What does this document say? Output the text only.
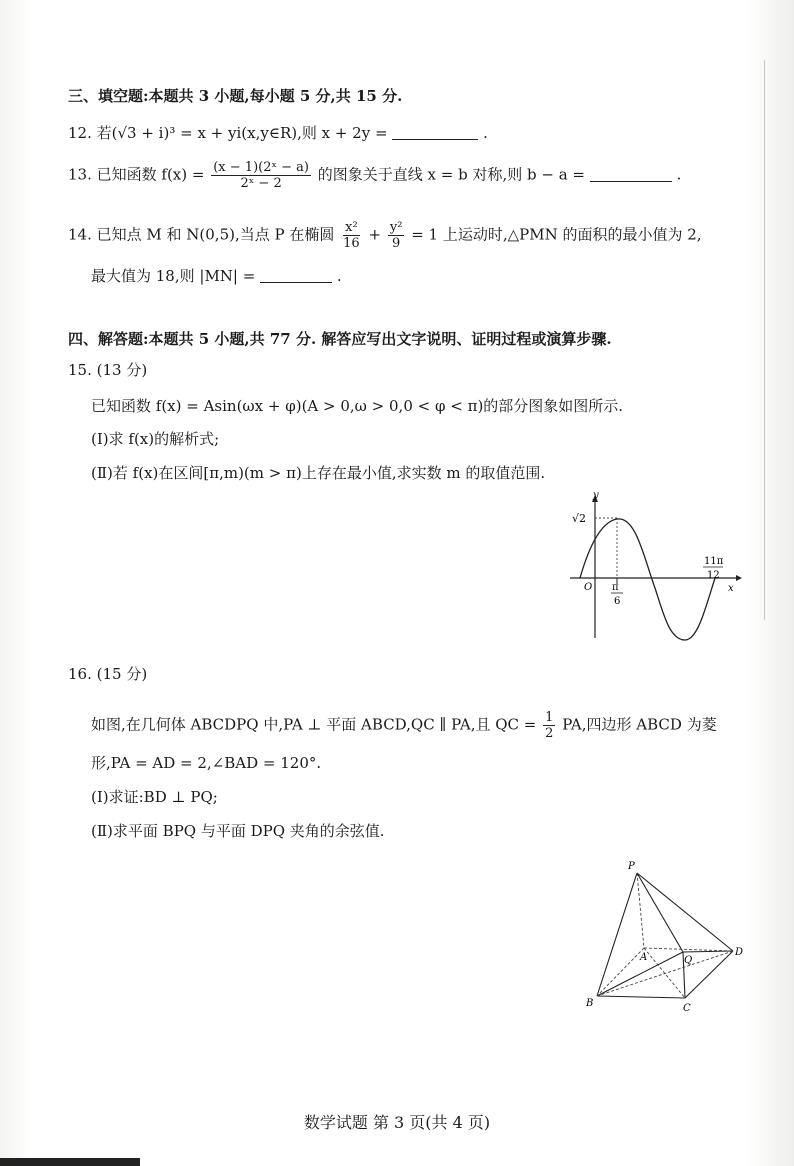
三、填空题:本题共 3 小题,每小题 5 分,共 15 分.
12. 若(√3 + i)³ = x + yi(x,y∈R),则 x + 2y =	.
13. 已知函数 $f(x) = \frac{\text{(x − 1)(2ˣ − a)}}{\text{2ˣ − 2}}$ 的图象关于直线 x = b 对称,则 b − a =	.
14. 已知点 M 和 N(0,5),当点 P 在椭圆 $\frac{\text{x²}}{16} + \frac{\text{y²}}{9} = 1$ 上运动时,△PMN 的面积的最小值为 2,
最大值为 18,则 |MN| =	.
四、解答题:本题共 5 小题,共 77 分. 解答应写出文字说明、证明过程或演算步骤.
15. (13 分)
已知函数 f(x) = Asin(ωx + φ)(A > 0,ω > 0,0 < φ < π)的部分图象如图所示.
(Ⅰ)求 f(x)的解析式;
(Ⅱ)若 f(x)在区间[π,m)(m > π)上存在最小值,求实数 m 的取值范围.
y
x
O
√2
π
6
11π
12
16. (15 分)
如图,在几何体 ABCDPQ 中,PA ⊥ 平面 ABCD,QC ∥ PA,且 QC = $\frac{1}{2}$ PA,四边形 ABCD 为菱
形,PA = AD = 2,∠BAD = 120°.
(Ⅰ)求证:BD ⊥ PQ;
(Ⅱ)求平面 BPQ 与平面 DPQ 夹角的余弦值.
P
A
B	C
D
Q
数学试题 第 3 页(共 4 页)
